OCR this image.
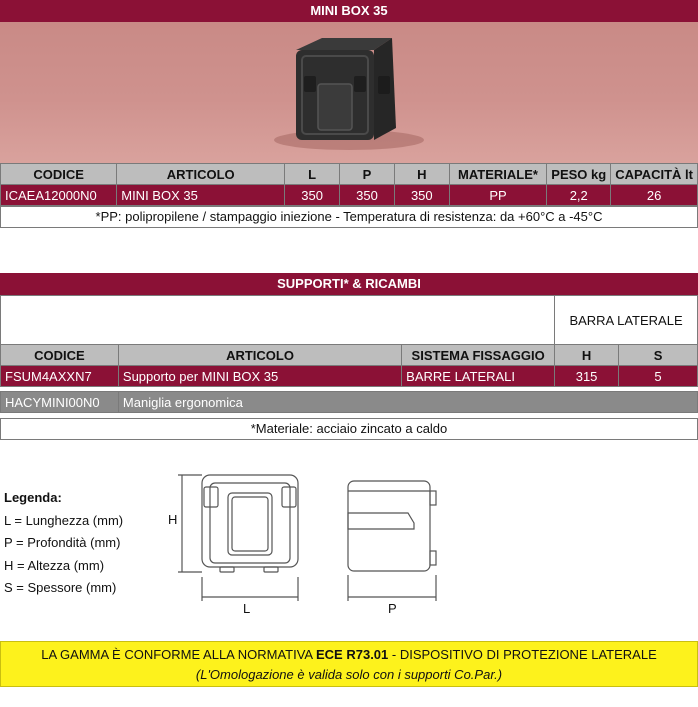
MINI BOX 35
CODICE	ARTICOLO	L	P	H	MATERIALE*	PESO kg	CAPACITÀ lt
ICAEA12000N0	MINI BOX 35	350	350	350	PP	2,2	26
*PP: polipropilene / stampaggio iniezione - Temperatura di resistenza: da +60°C a -45°C
SUPPORTI* & RICAMBI
			BARRA LATERALE	
CODICE	ARTICOLO	SISTEMA FISSAGGIO	H	S
FSUM4AXXN7	Supporto per MINI BOX 35	BARRE LATERALI	315	5

HACYMINI00N0	Maniglia ergonomica			
*Materiale: acciaio zincato a caldo
Legenda:
L = Lunghezza (mm)
P = Profondità (mm)
H = Altezza (mm)
S = Spessore (mm)
H
L	P
LA GAMMA È CONFORME ALLA NORMATIVA ECE R73.01 - DISPOSITIVO DI PROTEZIONE LATERALE
(L'Omologazione è valida solo con i supporti Co.Par.)
